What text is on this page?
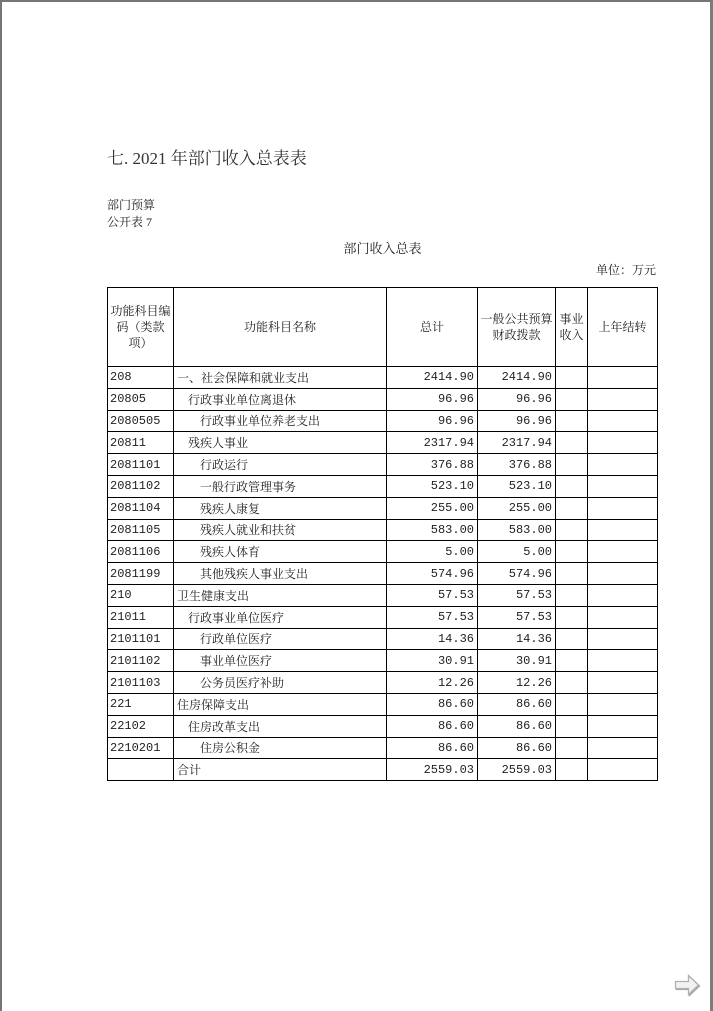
七. 2021 年部门收入总表表
部门预算
公开表 7
部门收入总表
单位：万元
功能科目编码（类款项）	功能科目名称	总计	一般公共预算财政拨款	事业收入	上年结转
208	一、社会保障和就业支出	2414.90	2414.90		
20805	行政事业单位离退休	96.96	96.96		
2080505	行政事业单位养老支出	96.96	96.96		
20811	残疾人事业	2317.94	2317.94		
2081101	行政运行	376.88	376.88		
2081102	一般行政管理事务	523.10	523.10		
2081104	残疾人康复	255.00	255.00		
2081105	残疾人就业和扶贫	583.00	583.00		
2081106	残疾人体育	5.00	5.00		
2081199	其他残疾人事业支出	574.96	574.96		
210	卫生健康支出	57.53	57.53		
21011	行政事业单位医疗	57.53	57.53		
2101101	行政单位医疗	14.36	14.36		
2101102	事业单位医疗	30.91	30.91		
2101103	公务员医疗补助	12.26	12.26		
221	住房保障支出	86.60	86.60		
22102	住房改革支出	86.60	86.60		
2210201	住房公积金	86.60	86.60		
	合计	2559.03	2559.03		
